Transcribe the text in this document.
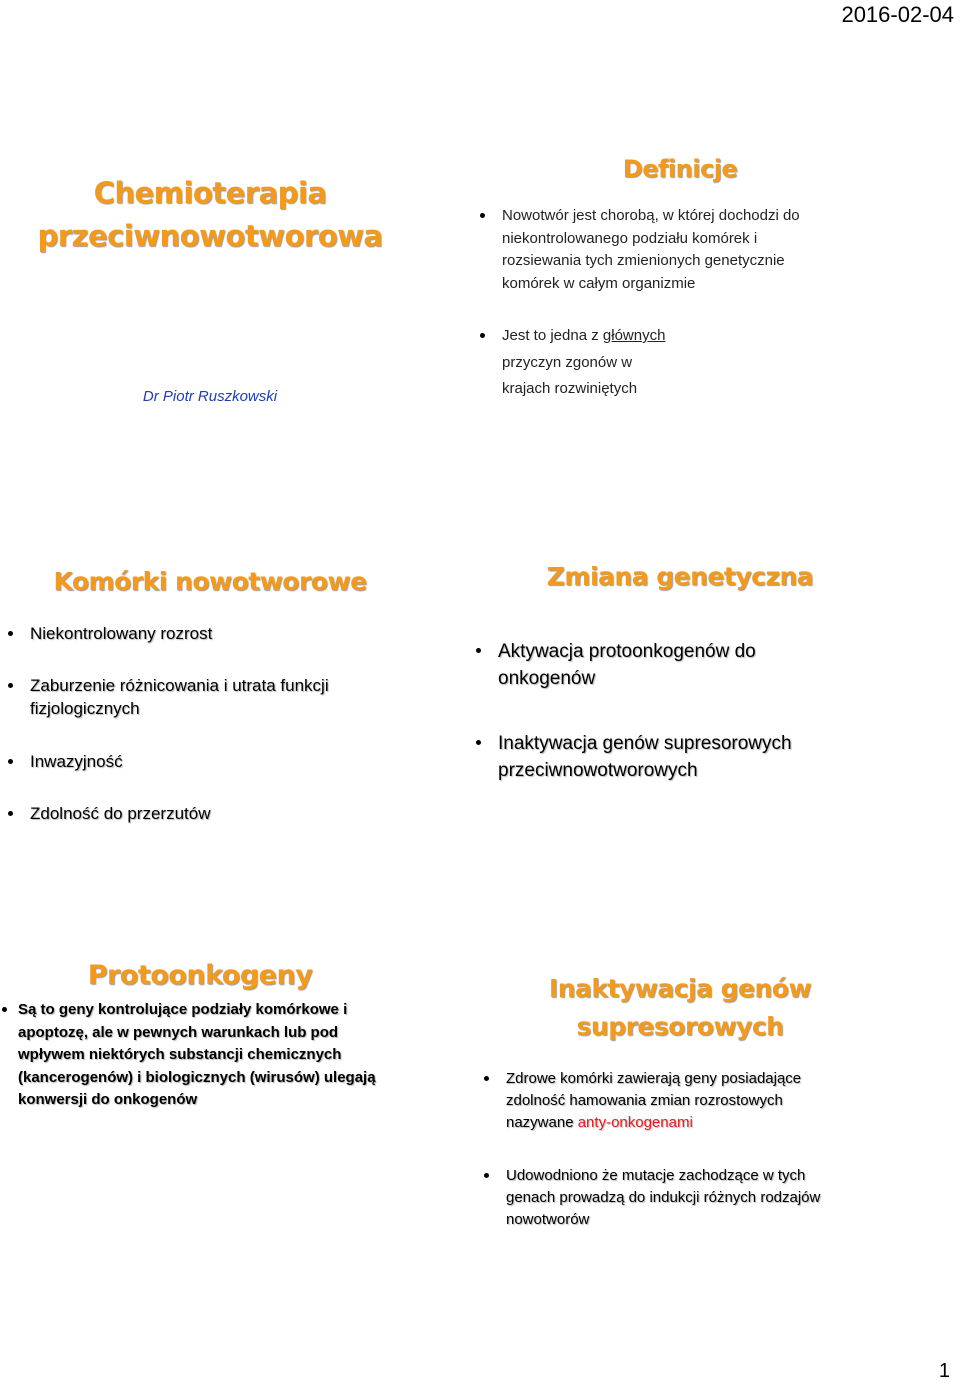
2016-02-04
Chemioterapia
przeciwnowotworowa
Dr Piotr Ruszkowski
Definicje
Nowotwór jest chorobą, w której dochodzi do
niekontrolowanego podziału komórek i
rozsiewania tych zmienionych genetycznie
komórek w całym organizmie
Jest to jedna z głównych
przyczyn zgonów w
krajach rozwiniętych
Komórki nowotworowe
Niekontrolowany rozrost
Zaburzenie różnicowania i utrata funkcji
fizjologicznych
Inwazyjność
Zdolność do przerzutów
Zmiana genetyczna
Aktywacja protoonkogenów do
onkogenów
Inaktywacja genów supresorowych
przeciwnowotworowych
Protoonkogeny
Są to geny kontrolujące podziały komórkowe i
apoptozę, ale w pewnych warunkach lub pod
wpływem niektórych substancji chemicznych
(kancerogenów) i biologicznych (wirusów) ulegają
konwersji do onkogenów
Inaktywacja genów
supresorowych
Zdrowe komórki zawierają geny posiadające
zdolność hamowania zmian rozrostowych
nazywane anty-onkogenami
Udowodniono że mutacje zachodzące w tych
genach prowadzą do indukcji różnych rodzajów
nowotworów
1
